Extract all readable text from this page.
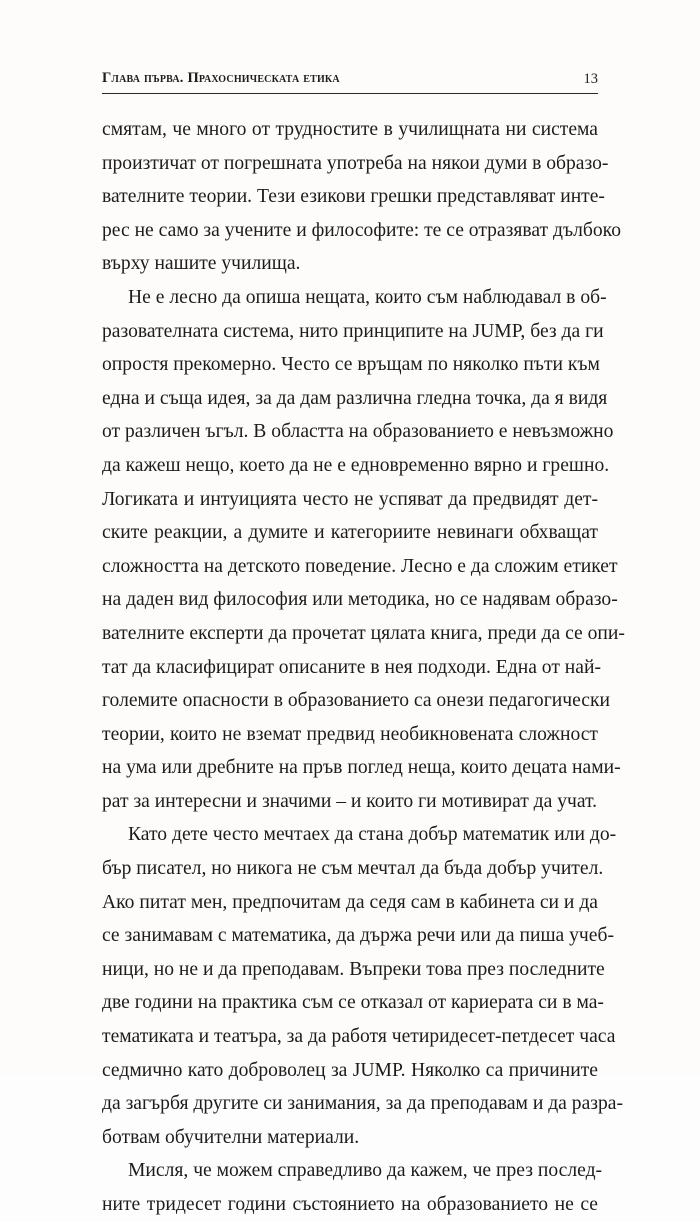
Глава първа. Прахосническата етика	13
смятам, че много от трудностите в училищната ни система
произтичат от погрешната употреба на някои думи в образо-
вателните теории. Тези езикови грешки представляват инте-
рес не само за учените и философите: те се отразяват дълбоко
върху нашите училища.
Не е лесно да опиша нещата, които съм наблюдавал в об-
разователната система, нито принципите на JUMP, без да ги
опростя прекомерно. Често се връщам по няколко пъти към
една и съща идея, за да дам различна гледна точка, да я видя
от различен ъгъл. В областта на образованието е невъзможно
да кажеш нещо, което да не е едновременно вярно и грешно.
Логиката и интуицията често не успяват да предвидят дет-
ските реакции, а думите и категориите невинаги обхващат
сложността на детското поведение. Лесно е да сложим етикет
на даден вид философия или методика, но се надявам образо-
вателните експерти да прочетат цялата книга, преди да се опи-
тат да класифицират описаните в нея подходи. Една от най-
големите опасности в образованието са онези педагогически
теории, които не вземат предвид необикновената сложност
на ума или дребните на пръв поглед неща, които децата нами-
рат за интересни и значими – и които ги мотивират да учат.
Като дете често мечтаех да стана добър математик или до-
бър писател, но никога не съм мечтал да бъда добър учител.
Ако питат мен, предпочитам да седя сам в кабинета си и да
се занимавам с математика, да държа речи или да пиша учеб-
ници, но не и да преподавам. Въпреки това през последните
две години на практика съм се отказал от кариерата си в ма-
тематиката и театъра, за да работя четиридесет-петдесет часа
седмично като доброволец за JUMP. Няколко са причините
да загърбя другите си занимания, за да преподавам и да разра-
ботвам обучителни материали.
Мисля, че можем справедливо да кажем, че през послед-
ните тридесет години състоянието на образованието не се
